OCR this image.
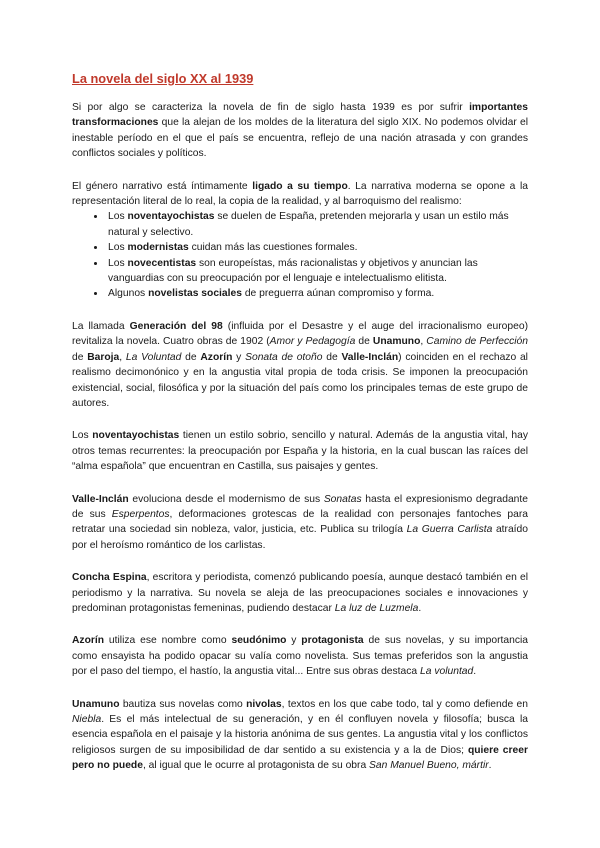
La novela del siglo XX al 1939

Si por algo se caracteriza la novela de fin de siglo hasta 1939 es por sufrir importantes transformaciones que la alejan de los moldes de la literatura del siglo XIX. No podemos olvidar el inestable período en el que el país se encuentra, reflejo de una nación atrasada y con grandes conflictos sociales y políticos.

El género narrativo está íntimamente ligado a su tiempo. La narrativa moderna se opone a la representación literal de lo real, la copia de la realidad, y al barroquismo del realismo:

• Los noventayochistas se duelen de España, pretenden mejorarla y usan un estilo más natural y selectivo.
• Los modernistas cuidan más las cuestiones formales.
• Los novecentistas son europeístas, más racionalistas y objetivos y anuncian las vanguardias con su preocupación por el lenguaje e intelectualismo elitista.
• Algunos novelistas sociales de preguerra aúnan compromiso y forma.

La llamada Generación del 98 (influida por el Desastre y el auge del irracionalismo europeo) revitaliza la novela. Cuatro obras de 1902 (Amor y Pedagogía de Unamuno, Camino de Perfección de Baroja, La Voluntad de Azorín y Sonata de otoño de Valle-Inclán) coinciden en el rechazo al realismo decimonónico y en la angustia vital propia de toda crisis. Se imponen la preocupación existencial, social, filosófica y por la situación del país como los principales temas de este grupo de autores.

Los noventayochistas tienen un estilo sobrio, sencillo y natural. Además de la angustia vital, hay otros temas recurrentes: la preocupación por España y la historia, en la cual buscan las raíces del “alma española” que encuentran en Castilla, sus paisajes y gentes.

Valle-Inclán evoluciona desde el modernismo de sus Sonatas hasta el expresionismo degradante de sus Esperpentos, deformaciones grotescas de la realidad con personajes fantoches para retratar una sociedad sin nobleza, valor, justicia, etc. Publica su trilogía La Guerra Carlista atraído por el heroísmo romántico de los carlistas.

Concha Espina, escritora y periodista, comenzó publicando poesía, aunque destacó también en el periodismo y la narrativa. Su novela se aleja de las preocupaciones sociales e innovaciones y predominan protagonistas femeninas, pudiendo destacar La luz de Luzmela.

Azorín utiliza ese nombre como seudónimo y protagonista de sus novelas, y su importancia como ensayista ha podido opacar su valía como novelista. Sus temas preferidos son la angustia por el paso del tiempo, el hastío, la angustia vital... Entre sus obras destaca La voluntad.

Unamuno bautiza sus novelas como nivolas, textos en los que cabe todo, tal y como defiende en Niebla. Es el más intelectual de su generación, y en él confluyen novela y filosofía; busca la esencia española en el paisaje y la historia anónima de sus gentes. La angustia vital y los conflictos religiosos surgen de su imposibilidad de dar sentido a su existencia y a la de Dios; quiere creer pero no puede, al igual que le ocurre al protagonista de su obra San Manuel Bueno, mártir.
